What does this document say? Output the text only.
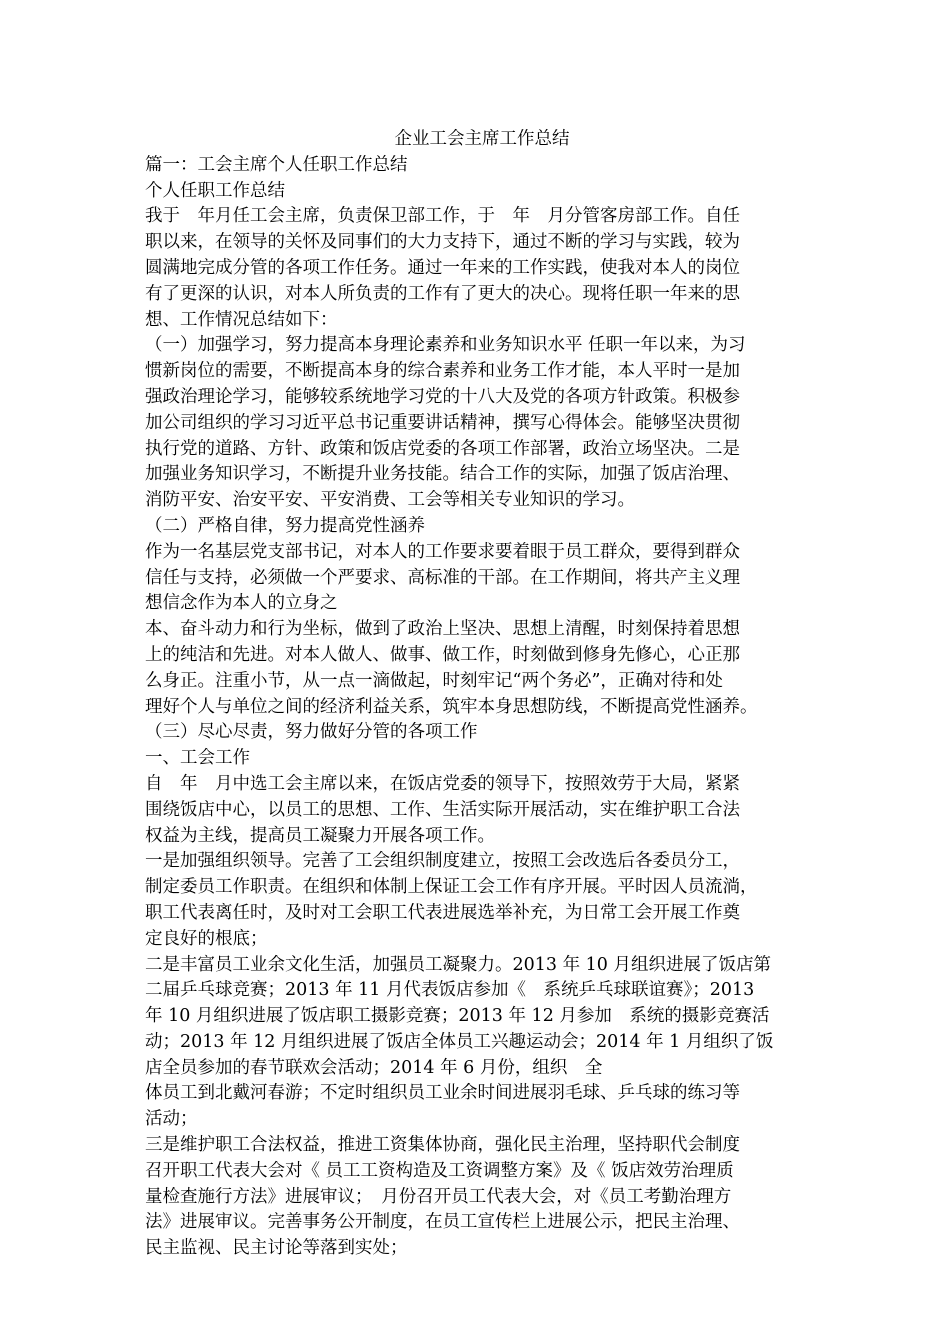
企业工会主席工作总结

篇一：工会主席个人任职工作总结

个人任职工作总结

我于　年月任工会主席，负责保卫部工作，于　年　月分管客房部工作。自任

职以来，在领导的关怀及同事们的大力支持下，通过不断的学习与实践，较为

圆满地完成分管的各项工作任务。通过一年来的工作实践，使我对本人的岗位

有了更深的认识，对本人所负责的工作有了更大的决心。现将任职一年来的思

想、工作情况总结如下：

（一）加强学习，努力提高本身理论素养和业务知识水平 任职一年以来，为习

惯新岗位的需要，不断提高本身的综合素养和业务工作才能，本人平时一是加

强政治理论学习，能够较系统地学习党的十八大及党的各项方针政策。积极参

加公司组织的学习习近平总书记重要讲话精神，撰写心得体会。能够坚决贯彻

执行党的道路、方针、政策和饭店党委的各项工作部署，政治立场坚决。二是

加强业务知识学习，不断提升业务技能。结合工作的实际，加强了饭店治理、

消防平安、治安平安、平安消费、工会等相关专业知识的学习。

（二）严格自律，努力提高党性涵养

作为一名基层党支部书记，对本人的工作要求要着眼于员工群众，要得到群众

信任与支持，必须做一个严要求、高标准的干部。在工作期间，将共产主义理

想信念作为本人的立身之

本、奋斗动力和行为坐标，做到了政治上坚决、思想上清醒，时刻保持着思想

上的纯洁和先进。对本人做人、做事、做工作，时刻做到修身先修心，心正那

么身正。注重小节，从一点一滴做起，时刻牢记“两个务必”，正确对待和处

理好个人与单位之间的经济利益关系，筑牢本身思想防线，不断提高党性涵养。

（三）尽心尽责，努力做好分管的各项工作

一、工会工作

自　年　月中选工会主席以来，在饭店党委的领导下，按照效劳于大局，紧紧

围绕饭店中心，以员工的思想、工作、生活实际开展活动，实在维护职工合法

权益为主线，提高员工凝聚力开展各项工作。

一是加强组织领导。完善了工会组织制度建立，按照工会改选后各委员分工，

制定委员工作职责。在组织和体制上保证工会工作有序开展。平时因人员流淌，

职工代表离任时，及时对工会职工代表进展选举补充，为日常工会开展工作奠

定良好的根底；

二是丰富员工业余文化生活，加强员工凝聚力。2013 年 10 月组织进展了饭店第

二届乒乓球竞赛；2013 年 11 月代表饭店参加《　系统乒乓球联谊赛》；2013

年 10 月组织进展了饭店职工摄影竞赛；2013 年 12 月参加　系统的摄影竞赛活

动；2013 年 12 月组织进展了饭店全体员工兴趣运动会；2014 年 1 月组织了饭

店全员参加的春节联欢会活动；2014 年 6 月份，组织　全

体员工到北戴河春游；不定时组织员工业余时间进展羽毛球、乒乓球的练习等

活动；

三是维护职工合法权益，推进工资集体协商，强化民主治理，坚持职代会制度

召开职工代表大会对《 员工工资构造及工资调整方案》及《 饭店效劳治理质

量检查施行方法》进展审议；　月份召开员工代表大会，对《员工考勤治理方

法》进展审议。完善事务公开制度，在员工宣传栏上进展公示，把民主治理、

民主监视、民主讨论等落到实处；
